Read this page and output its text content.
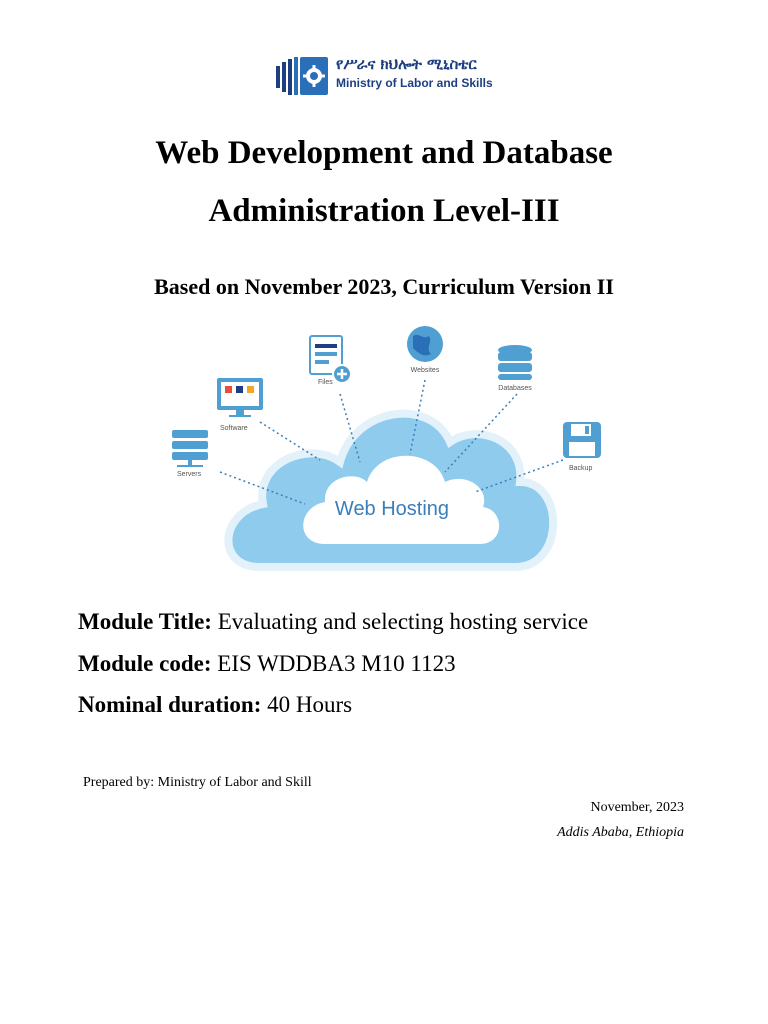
የሥራና ክህሎት ሚኒስቴር
Ministry of Labor and Skills
Web Development and Database
Administration Level-III
Based on November 2023, Curriculum Version II
Web Hosting
Files
Websites
Databases
Software
Backup
Servers
Module Title: Evaluating and selecting hosting service
Module code: EIS WDDBA3 M10 1123
Nominal duration: 40 Hours
Prepared by: Ministry of Labor and Skill
November, 2023
Addis Ababa, Ethiopia
